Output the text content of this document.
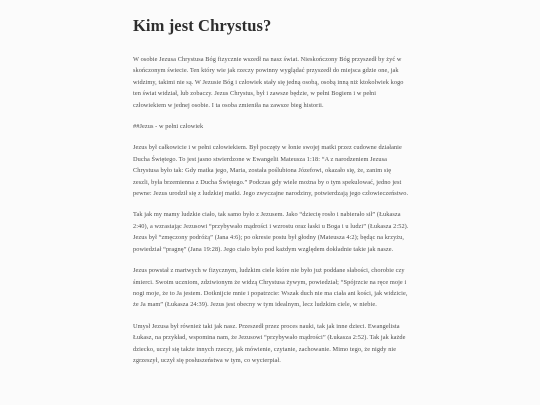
Kim jest Chrystus?

W osobie Jezusa Chrystusa Bóg fizycznie wszedł na nasz świat. Nieskończony Bóg przyszedł by żyć w skończonym świecie. Ten który wie jak rzeczy powinny wyglądać przyszedł do miejsca gdzie one, jak widzimy, takimi nie są. W Jezusie Bóg i człowiek stały się jedną osobą, osobą inną niż ktokolwiek kogo ten świat widział, lub zobaczy. Jezus Chrystus, był i zawsze będzie, w pełni Bogiem i w pełni człowiekiem w jednej osobie. I ta osoba zmieniła na zawsze bieg historii.

##Jezus - w pełni człowiek

Jezus był całkowicie i w pełni człowiekiem. Był poczęty w łonie swojej matki przez cudowne działanie Ducha Świętego. To jest jasno stwierdzone w Ewangelii Mateusza 1:18: “A z narodzeniem Jezusa Chrystusa było tak: Gdy matka jego, Maria, została poślubiona Józefowi, okazało się, że, zanim się zeszli, była brzemienna z Ducha Świętego.” Podczas gdy wiele można by o tym spekulować, jedno jest pewne: Jezus urodził się z ludzkiej matki. Jego zwyczajne narodziny, potwierdzają jego człowieczeństwo.

Tak jak my mamy ludzkie ciało, tak samo było z Jezusem. Jako “dziecię rosło i nabierało sił” (Łukasza 2:40), a wzrastając Jezusowi “przybywało mądrości i wzrostu oraz łaski u Boga i u ludzi” (Łukasza 2:52). Jezus był “zmęczony podróżą” (Jana 4:6); po okresie postu był głodny (Mateusza 4:2); będąc na krzyżu, powiedział “pragnę” (Jana 19:28). Jego ciało było pod każdym względem dokładnie takie jak nasze.

Jezus powstał z martwych w fizycznym, ludzkim ciele które nie było już poddane słabości, chorobie czy śmierci. Swoim uczniom, zdziwionym że widzą Chrystusa żywym, powiedział; “Spójrzcie na ręce moje i nogi moje, że to Ja jestem. Dotknijcie mnie i popatrzcie: Wszak duch nie ma ciała ani kości, jak widzicie, że Ja mam” (Łukasza 24:39). Jezus jest obecny w tym idealnym, lecz ludzkim ciele, w niebie.

Umysł Jezusa był również taki jak nasz. Przeszedł przez proces nauki, tak jak inne dzieci. Ewangelista Łukasz, na przykład, wspomina nam, że Jezusowi “przybywało mądrości” (Łukasza 2:52). Tak jak każde dziecko, uczył się także innych rzeczy, jak mówienie, czytanie, zachowanie. Mimo tego, że nigdy nie zgrzeszył, uczył się posłuszeństwa w tym, co wycierpiał.
